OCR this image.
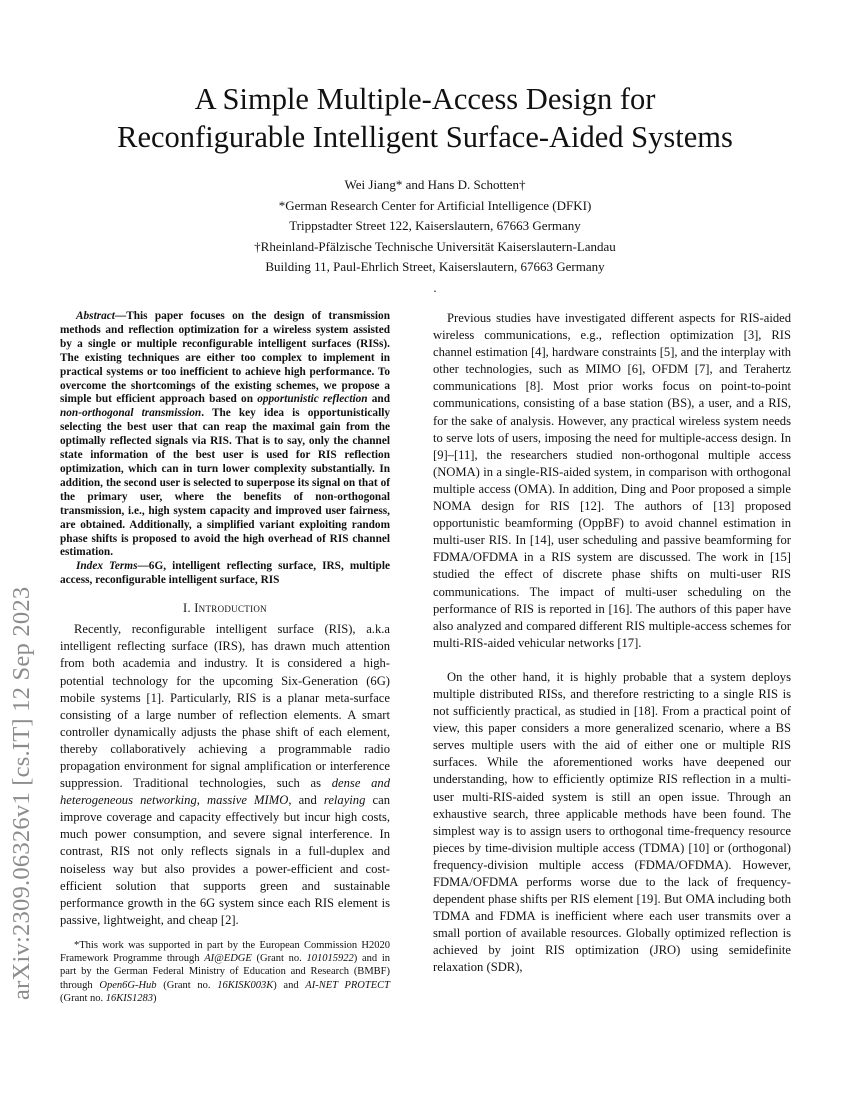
A Simple Multiple-Access Design for
Reconfigurable Intelligent Surface-Aided Systems
Wei Jiang* and Hans D. Schotten†
*German Research Center for Artificial Intelligence (DFKI)
Trippstadter Street 122, Kaiserslautern, 67663 Germany
†Rheinland-Pfälzische Technische Universität Kaiserslautern-Landau
Building 11, Paul-Ehrlich Street, Kaiserslautern, 67663 Germany
.
arXiv:2309.06326v1 [cs.IT] 12 Sep 2023

Abstract—This paper focuses on the design of transmission methods and reflection optimization for a wireless system assisted by a single or multiple reconfigurable intelligent surfaces (RISs). The existing techniques are either too complex to implement in practical systems or too inefficient to achieve high performance. To overcome the shortcomings of the existing schemes, we propose a simple but efficient approach based on opportunistic reflection and non-orthogonal transmission. The key idea is opportunistically selecting the best user that can reap the maximal gain from the optimally reflected signals via RIS. That is to say, only the channel state information of the best user is used for RIS reflection optimization, which can in turn lower complexity substantially. In addition, the second user is selected to superpose its signal on that of the primary user, where the benefits of non-orthogonal transmission, i.e., high system capacity and improved user fairness, are obtained. Additionally, a simplified variant exploiting random phase shifts is proposed to avoid the high overhead of RIS channel estimation.

Index Terms—6G, intelligent reflecting surface, IRS, multiple access, reconfigurable intelligent surface, RIS

I. Introduction

Recently, reconfigurable intelligent surface (RIS), a.k.a intelligent reflecting surface (IRS), has drawn much attention from both academia and industry. It is considered a high-potential technology for the upcoming Six-Generation (6G) mobile systems [1]. Particularly, RIS is a planar meta-surface consisting of a large number of reflection elements. A smart controller dynamically adjusts the phase shift of each element, thereby collaboratively achieving a programmable radio propagation environment for signal amplification or interference suppression. Traditional technologies, such as dense and heterogeneous networking, massive MIMO, and relaying can improve coverage and capacity effectively but incur high costs, much power consumption, and severe signal interference. In contrast, RIS not only reflects signals in a full-duplex and noiseless way but also provides a power-efficient and cost-efficient solution that supports green and sustainable performance growth in the 6G system since each RIS element is passive, lightweight, and cheap [2].

*This work was supported in part by the European Commission H2020 Framework Programme through AI@EDGE (Grant no. 101015922) and in part by the German Federal Ministry of Education and Research (BMBF) through Open6G-Hub (Grant no. 16KISK003K) and AI-NET PROTECT (Grant no. 16KIS1283)

Previous studies have investigated different aspects for RIS-aided wireless communications, e.g., reflection optimization [3], RIS channel estimation [4], hardware constraints [5], and the interplay with other technologies, such as MIMO [6], OFDM [7], and Terahertz communications [8]. Most prior works focus on point-to-point communications, consisting of a base station (BS), a user, and a RIS, for the sake of analysis. However, any practical wireless system needs to serve lots of users, imposing the need for multiple-access design. In [9]–[11], the researchers studied non-orthogonal multiple access (NOMA) in a single-RIS-aided system, in comparison with orthogonal multiple access (OMA). In addition, Ding and Poor proposed a simple NOMA design for RIS [12]. The authors of [13] proposed opportunistic beamforming (OppBF) to avoid channel estimation in multi-user RIS. In [14], user scheduling and passive beamforming for FDMA/OFDMA in a RIS system are discussed. The work in [15] studied the effect of discrete phase shifts on multi-user RIS communications. The impact of multi-user scheduling on the performance of RIS is reported in [16]. The authors of this paper have also analyzed and compared different RIS multiple-access schemes for multi-RIS-aided vehicular networks [17].

On the other hand, it is highly probable that a system deploys multiple distributed RISs, and therefore restricting to a single RIS is not sufficiently practical, as studied in [18]. From a practical point of view, this paper considers a more generalized scenario, where a BS serves multiple users with the aid of either one or multiple RIS surfaces. While the aforementioned works have deepened our understanding, how to efficiently optimize RIS reflection in a multi-user multi-RIS-aided system is still an open issue. Through an exhaustive search, three applicable methods have been found. The simplest way is to assign users to orthogonal time-frequency resource pieces by time-division multiple access (TDMA) [10] or (orthogonal) frequency-division multiple access (FDMA/OFDMA). However, FDMA/OFDMA performs worse due to the lack of frequency-dependent phase shifts per RIS element [19]. But OMA including both TDMA and FDMA is inefficient where each user transmits over a small portion of available resources. Globally optimized reflection is achieved by joint RIS optimization (JRO) using semidefinite relaxation (SDR),
